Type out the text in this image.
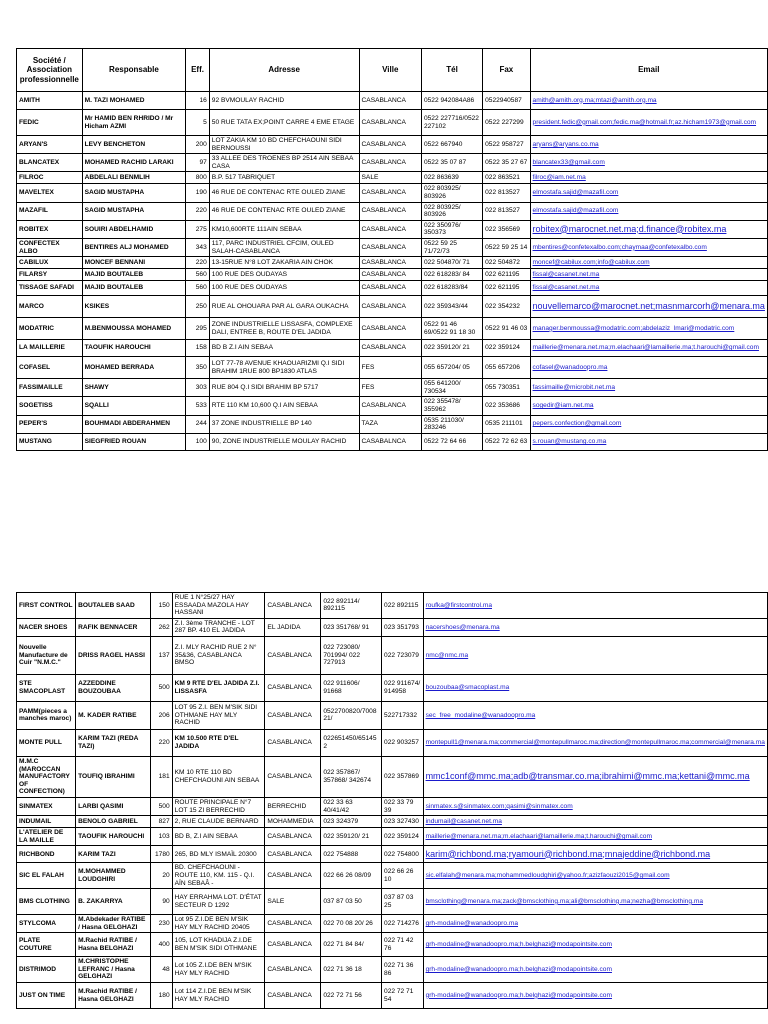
Société / Association professionnelle	Responsable	Eff.	Adresse	Ville	Tél	Fax	Email
AMITH	M. TAZI MOHAMED	16	92 BVMOULAY RACHID	CASABLANCA	0522 942084A86	0522940587	amith@amith.org.ma;mtazi@amith.org.ma
FEDIC	Mr HAMID BEN RHRIDO / Mr Hicham AZMI	5	50 RUE TATA EX;POINT CARRE 4 EME ETAGE	CASABLANCA	0522 227716/0522 227102	0522 227299	president.fedic@gmail.com;fedic.ma@hotmail.fr;az.hicham1973@gmail.com
ARYAN'S	LEVY BENCHETON	200	LOT ZAKIA KM 10 BD CHEFCHAOUNI SIDI BERNOUSSI	CASABLANCA	0522 667940	0522 958727	aryans@aryans.co.ma
BLANCATEX	MOHAMED RACHID LARAKI	97	33 ALLEE DES TROENES BP 2514 AIN SEBAA CASA	CASABLANCA	0522 35 07 87	0522 35 27 67	blancatex33@gmail.com
FILROC	ABDELALI BENMLIH	800	B.P. 517 TABRIQUET	SALE	022 863639	022 863521	filroc@iam.net.ma
MAVELTEX	SAGID MUSTAPHA	190	46 RUE DE CONTENAC RTE OULED ZIANE	CASABLANCA	022 803925/ 803926	022 813527	elmostafa.sajid@mazafil.com
MAZAFIL	SAGID MUSTAPHA	220	46 RUE DE CONTENAC RTE OULED ZIANE	CASABLANCA	022 803925/ 803926	022 813527	elmostafa.sajid@mazafil.com
ROBITEX	SOUIRI ABDELHAMID	275	KM10,600RTE 111AIN SEBAA	CASABLANCA	022 350976/ 350373	022 356569	robitex@marocnet.net.ma;d.finance@robitex.ma
CONFECTEX ALBO	BENTIRES ALJ MOHAMED	343	117, PARC INDUSTRIEL CFCIM, OULED SALAH-CASABLANCA	CASABLANCA	0522 59 25 71/72/73	0522 59 25 14	mbentires@confetexalbo.com;chaymaa@confetexalbo.com
CABILUX	MONCEF BENNANI	220	13-15RUE N°8 LOT ZAKARIA AIN CHOK	CASABLANCA	022 504870/ 71	022 504872	moncef@cabilux.com;info@cabilux.com
FILARSY	MAJID BOUTALEB	560	100 RUE DES OUDAYAS	CASABLANCA	022 618283/ 84	022 621195	fissal@casanet.net.ma
TISSAGE SAFADI	MAJID BOUTALEB	560	100 RUE DES OUDAYAS	CASABLANCA	022 618283/84	022 621195	fissal@casanet.net.ma
MARCO	KSIKES	250	RUE AL OHOUARA PAR AL GARA OUKACHA	CASABLANCA	022 359343/44	022 354232	nouvellemarco@marocnet.net;masnmarcorh@menara.ma
MODATRIC	M.BENMOUSSA MOHAMED	295	ZONE INDUSTRIELLE LISSASFA, COMPLEXE DALI, ENTREE B, ROUTE D'EL JADIDA	CASABLANCA	0522 91 46 69/0522 91 18 30	0522 91 46 03	manager.benmoussa@modatric.com;abdelaziz_lmari@modatric.com
LA MAILLERIE	TAOUFIK HAROUCHI	158	BD B Z.I AIN SEBAA	CASABLANCA	022 359120/ 21	022 359124	maillerie@menara.net.ma;m.elachaari@lamaillerie.ma;t.harouchi@gmail.com
COFASEL	MOHAMED BERRADA	350	LOT 77-78 AVENUE KHAOUARIZMI Q.I SIDI BRAHIM 1RUE 800 BP1830 ATLAS	FES	055 657204/ 05	055 657206	cofasel@wanadoopro.ma
FASSIMAILLE	SHAWY	303	RUE 804 Q.I SIDI BRAHIM BP 5717	FES	055 641200/ 730534	055 730351	fassimaille@microbit.net.ma
SOGETISS	SQALLI	533	RTE 110 KM 10,600 Q.I AIN SEBAA	CASABLANCA	022 355478/ 355962	022 353686	sogedir@iam.net.ma
PEPER'S	BOUHMADI ABDERAHMEN	244	37 ZONE INDUSTRIELLE BP 140	TAZA	0535 211030/ 283246	0535 211101	pepers.confection@gmail.com
MUSTANG	SIEGFRIED ROUAN	100	90, ZONE INDUSTRIELLE MOULAY RACHID	CASABALNCA	0522 72 64 66	0522 72 62 63	s.rouan@mustang.co.ma
FIRST CONTROL	BOUTALEB SAAD	150	RUE 1 N°25/27 HAY ESSAADA MAZOLA HAY HASSANI	CASABLANCA	022 892114/ 892115	022 892115	roufka@firstcontrol.ma
NACER SHOES	RAFIK BENNACER	262	Z.I. 3ème TRANCHE - LOT 287 BP. 410 EL JADIDA	EL JADIDA	023 351768/ 91	023 351793	nacershoes@menara.ma
Nouvelle Manufacture de Cuir "N.M.C."	DRISS RAGEL HASSI	137	Z.I. MLY RACHID RUE 2 N° 35&36, CASABLANCA BMSO	CASABLANCA	022 723080/ 701994/ 022 727913	022 723079	nmc@nmc.ma
STE SMACOPLAST	AZZEDDINE BOUZOUBAA	500	KM 9 RTE D'EL JADIDA Z.I. LISSASFA	CASABLANCA	022 911606/ 91668	022 911674/ 914958	bouzoubaa@smacoplast.ma
PAMM(pieces a manches maroc)	M. KADER RATIBE	206	LOT 95 Z.I. BEN M'SIK SIDI OTHMANE HAY MLY RACHID	CASABLANCA	0522700820/7008 21/	522717332	sec_free_modaline@wanadoopro.ma
MONTE PULL	KARIM TAZI (REDA TAZI)	220	KM 10.500 RTE D'EL JADIDA	CASABLANCA	022651450/65145 2	022 903257	montepull1@menara.ma;commercial@montepullmaroc.ma;direction@montepullmaroc.ma;commercial@menara.ma
M.M.C (MAROCCAN MANUFACTORY OF CONFECTION)	TOUFIQ IBRAHIMI	181	KM 10 RTE 110 BD CHEFCHAOUNI AIN SEBAA	CASABLANCA	022 357867/ 357868/ 342674	022 357869	mmc1conf@mmc.ma;adb@transmar.co.ma;ibrahimi@mmc.ma;kettani@mmc.ma
SINMATEX	LARBI QASIMI	500	ROUTE PRINCIPALE N°7 LOT 15 ZI BERRECHID	BERRECHID	022 33 63 40/41/42	022 33 79 39	sinmatex.s@sinmatex.com;qasimi@sinmatex.com
INDUMAIL	BENOLO GABRIEL	827	2, RUE CLAUDE BERNARD	MOHAMMEDIA	023 324379	023 327430	indumail@casanet.net.ma
L'ATELIER DE LA MAILLE	TAOUFIK HAROUCHI	103	BD B, Z.I AIN SEBAA	CASABLANCA	022 359120/ 21	022 359124	maillerie@menara.net.ma;m.elachaari@lamaillerie.ma;t.harouchi@gmail.com
RICHBOND	KARIM TAZI	1780	265, BD MLY ISMAÏL 20300	CASABLANCA	022 754888	022 754800	karim@richbond.ma;ryamouri@richbond.ma;mnajeddine@richbond.ma
SIC EL FALAH	M.MOHAMMED LOUDGHIRI	20	BD. CHEFCHAOUNI - ROUTE 110, KM. 115 - Q.I. AÏN SEBAÂ -	CASABLANCA	022 66 26 08/09	022 66 26 10	sic.elfalah@menara.ma;mohammedloudghiri@yahoo.fr;azizfaouzi2015@gmail.com
BMS CLOTHING	B. ZAKARRYA	90	HAY ERRAHMA LOT. D'ÉTAT SECTEUR D 1292	SALE	037 87 03 50	037 87 03 25	bmsclothing@menara.ma;zack@bmsclothing.ma;ali@bmsclothing.ma;nezha@bmsclothing.ma
STYLCOMA	M.Abdekader RATIBE / Hasna GELGHAZI	230	Lot 95 Z.I.DE BEN M'SIK HAY MLY RACHID 20405	CASABLANCA	022 70 08 20/ 26	022 714276	grh-modaline@wanadoopro.ma
PLATE COUTURE	M.Rachid RATIBE / Hasna BELGHAZI	400	105, LOT KHADIJA Z.I.DE BEN M'SIK SIDI OTHMANE	CASABLANCA	022 71 84 84/	022 71 42 76	grh-modaline@wanadoopro.ma;h.belghazi@modapointsite.com
DISTRIMOD	M.CHRISTOPHE LEFRANC / Hasna GELGHAZI	48	Lot 105 Z.I.DE BEN M'SIK HAY MLY RACHID	CASABLANCA	022 71 36 18	022 71 36 86	grh-modaline@wanadoopro.ma;h.belghazi@modapointsite.com
JUST ON TIME	M.Rachid RATIBE / Hasna GELGHAZI	180	Lot 114 Z.I.DE BEN M'SIK HAY MLY RACHID	CASABLANCA	022 72 71 56	022 72 71 54	grh-modaline@wanadoopro.ma;h.belghazi@modapointsite.com
